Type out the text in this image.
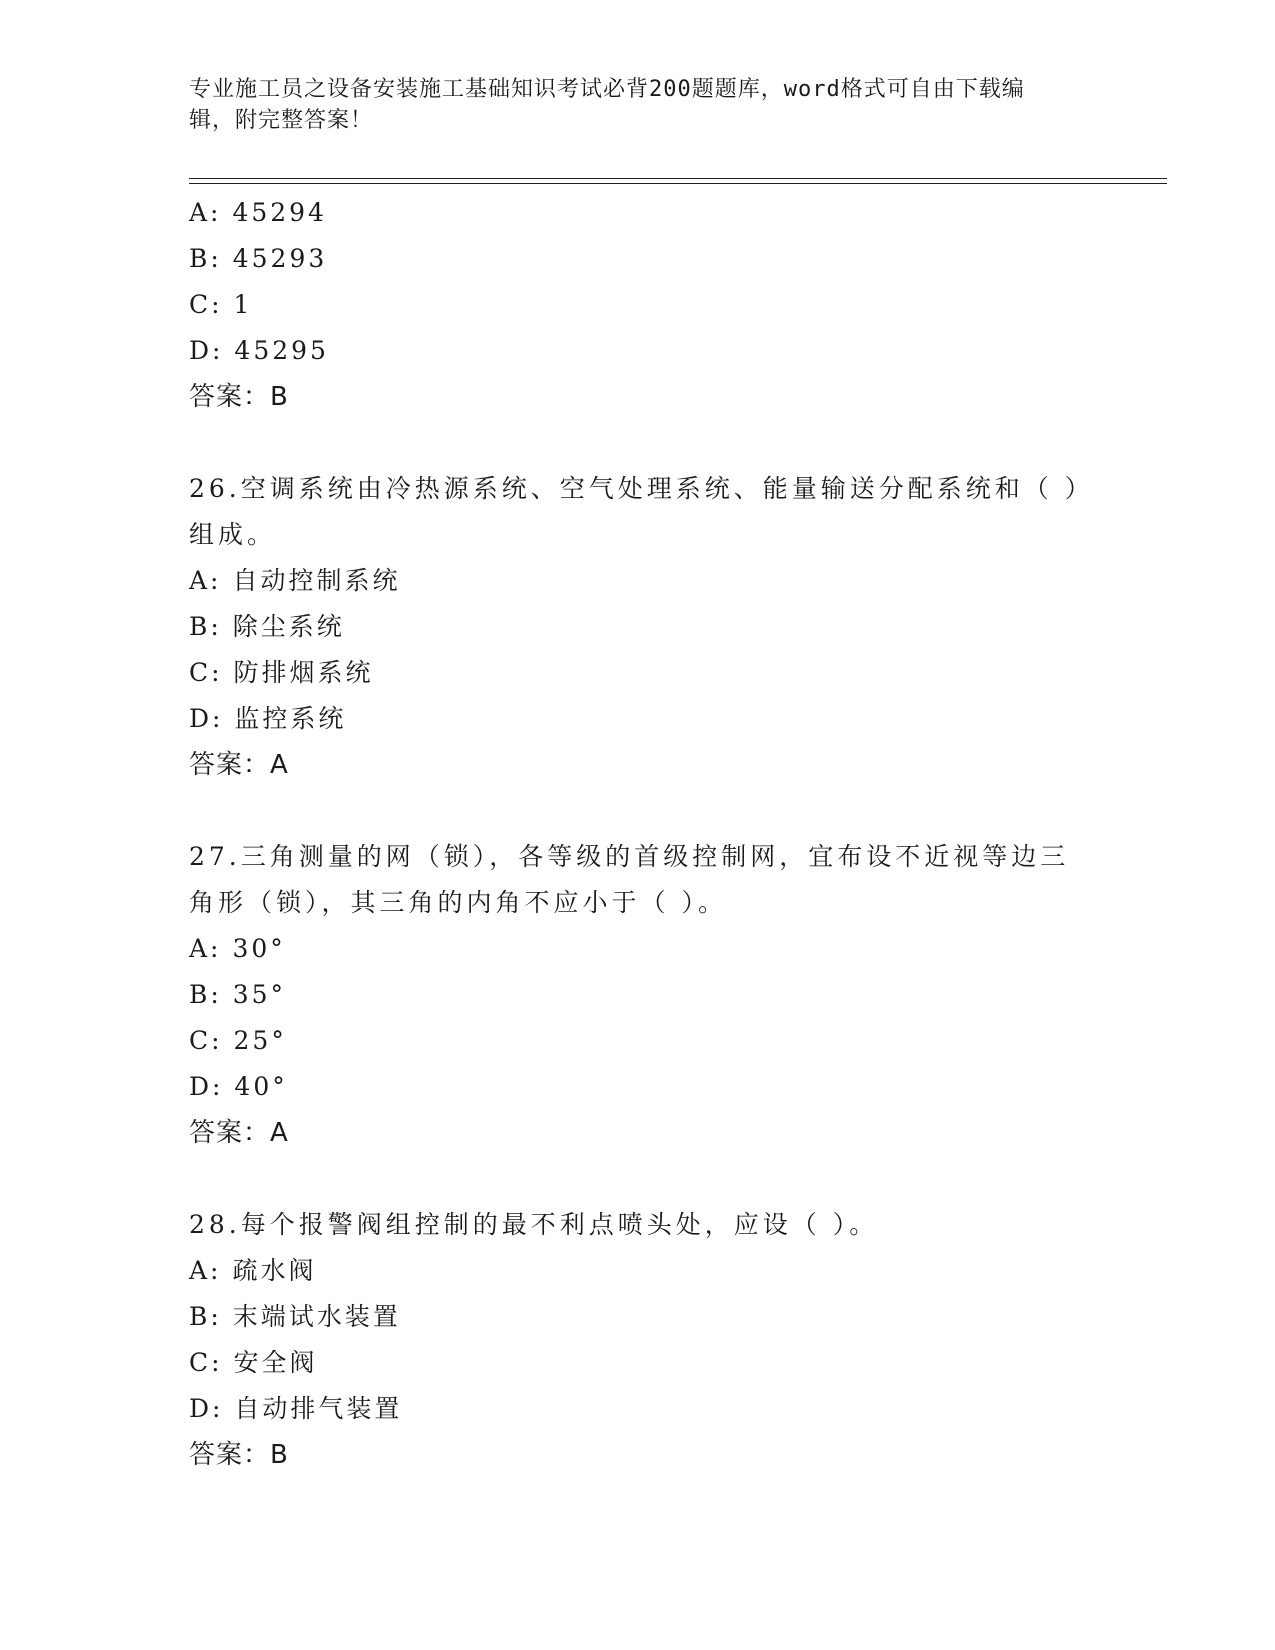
专业施工员之设备安装施工基础知识考试必背200题题库，word格式可自由下载编辑，附完整答案！
A: 45294
B: 45293
C: 1
D: 45295
答案：B
26.空调系统由冷热源系统、空气处理系统、能量输送分配系统和（ ）组成。
A: 自动控制系统
B: 除尘系统
C: 防排烟系统
D: 监控系统
答案：A
27.三角测量的网（锁），各等级的首级控制网，宜布设不近视等边三角形（锁），其三角的内角不应小于（ ）。
A: 30°
B: 35°
C: 25°
D: 40°
答案：A
28.每个报警阀组控制的最不利点喷头处，应设（ ）。
A: 疏水阀
B: 末端试水装置
C: 安全阀
D: 自动排气装置
答案：B
